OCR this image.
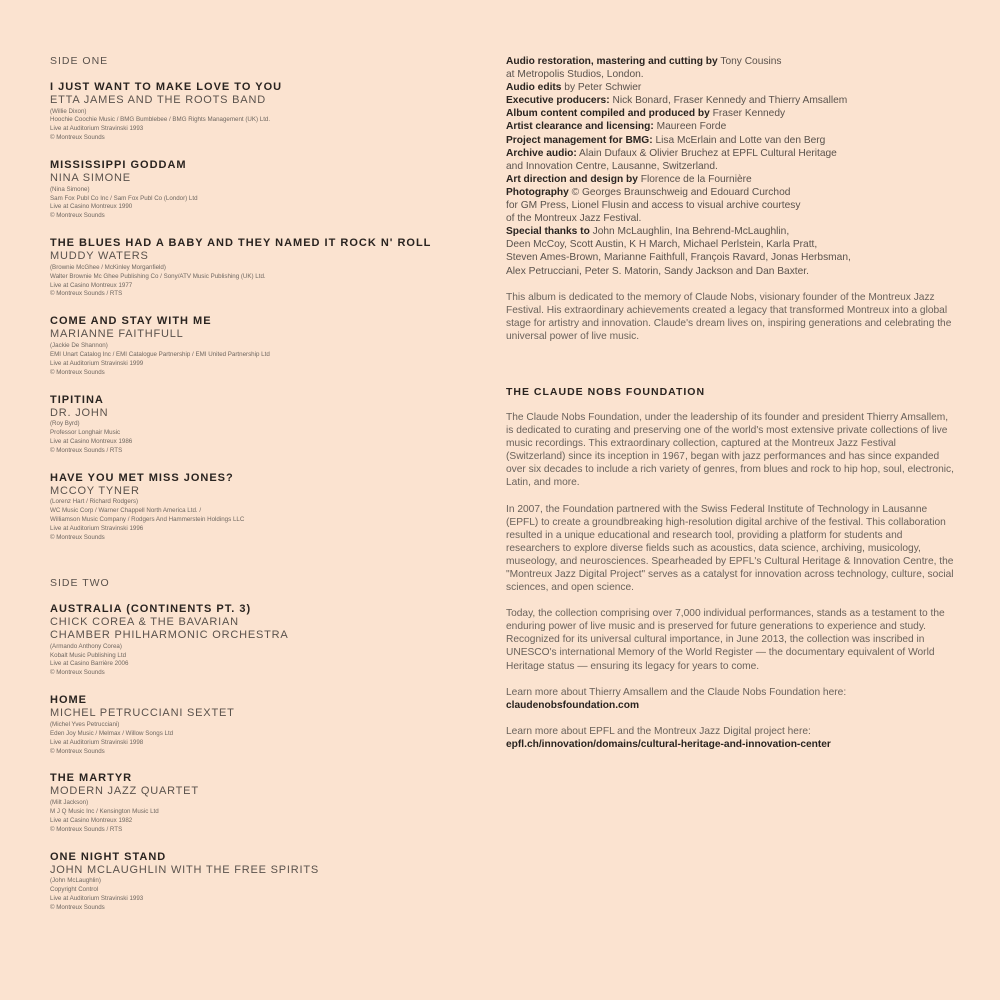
SIDE ONE
I JUST WANT TO MAKE LOVE TO YOU
ETTA JAMES AND THE ROOTS BAND
(Willie Dixon)
Hoochie Coochie Music / BMG Bumblebee / BMG Rights Management (UK) Ltd.
Live at Auditorium Stravinski 1993
© Montreux Sounds
MISSISSIPPI GODDAM
NINA SIMONE
(Nina Simone)
Sam Fox Publ Co Inc / Sam Fox Publ Co (Londor) Ltd
Live at Casino Montreux 1990
© Montreux Sounds
THE BLUES HAD A BABY AND THEY NAMED IT ROCK N' ROLL
MUDDY WATERS
(Brownie McGhee / McKinley Morganfield)
Walter Brownie Mc Ghee Publishing Co / Sony/ATV Music Publishing (UK) Ltd.
Live at Casino Montreux 1977
© Montreux Sounds / RTS
COME AND STAY WITH ME
MARIANNE FAITHFULL
(Jackie De Shannon)
EMI Unart Catalog Inc / EMI Catalogue Partnership / EMI United Partnership Ltd
Live at Auditorium Stravinski 1999
© Montreux Sounds
TIPITINA
DR. JOHN
(Roy Byrd)
Professor Longhair Music
Live at Casino Montreux 1986
© Montreux Sounds / RTS
HAVE YOU MET MISS JONES?
MCCOY TYNER
(Lorenz Hart / Richard Rodgers)
WC Music Corp / Warner Chappell North America Ltd. /
Williamson Music Company / Rodgers And Hammerstein Holdings LLC
Live at Auditorium Stravinski 1996
© Montreux Sounds
SIDE TWO
AUSTRALIA (CONTINENTS PT. 3)
CHICK COREA & THE BAVARIAN CHAMBER PHILHARMONIC ORCHESTRA
(Armando Anthony Corea)
Kobalt Music Publishing Ltd
Live at Casino Barrière 2006
© Montreux Sounds
HOME
MICHEL PETRUCCIANI SEXTET
(Michel Yves Petrucciani)
Eden Joy Music / Melmax / Willow Songs Ltd
Live at Auditorium Stravinski 1998
© Montreux Sounds
THE MARTYR
MODERN JAZZ QUARTET
(Milt Jackson)
M J Q Music Inc / Kensington Music Ltd
Live at Casino Montreux 1982
© Montreux Sounds / RTS
ONE NIGHT STAND
JOHN MCLAUGHLIN WITH THE FREE SPIRITS
(John McLaughlin)
Copyright Control
Live at Auditorium Stravinski 1993
© Montreux Sounds
Audio restoration, mastering and cutting by Tony Cousins
at Metropolis Studios, London.
Audio edits by Peter Schwier
Executive producers: Nick Bonard, Fraser Kennedy and Thierry Amsallem
Album content compiled and produced by Fraser Kennedy
Artist clearance and licensing: Maureen Forde
Project management for BMG: Lisa McErlain and Lotte van den Berg
Archive audio: Alain Dufaux & Olivier Bruchez at EPFL Cultural Heritage
and Innovation Centre, Lausanne, Switzerland.
Art direction and design by Florence de la Fournière
Photography © Georges Braunschweig and Edouard Curchod
for GM Press, Lionel Flusin and access to visual archive courtesy
of the Montreux Jazz Festival.
Special thanks to John McLaughlin, Ina Behrend-McLaughlin,
Deen McCoy, Scott Austin, K H March, Michael Perlstein, Karla Pratt,
Steven Ames-Brown, Marianne Faithfull, François Ravard, Jonas Herbsman,
Alex Petrucciani, Peter S. Matorin, Sandy Jackson and Dan Baxter.

This album is dedicated to the memory of Claude Nobs, visionary founder of the Montreux Jazz Festival. His extraordinary achievements created a legacy that transformed Montreux into a global stage for artistry and innovation. Claude's dream lives on, inspiring generations and celebrating the universal power of live music.

THE CLAUDE NOBS FOUNDATION

The Claude Nobs Foundation, under the leadership of its founder and president Thierry Amsallem, is dedicated to curating and preserving one of the world's most extensive private collections of live music recordings. This extraordinary collection, captured at the Montreux Jazz Festival (Switzerland) since its inception in 1967, began with jazz performances and has since expanded over six decades to include a rich variety of genres, from blues and rock to hip hop, soul, electronic, Latin, and more.

In 2007, the Foundation partnered with the Swiss Federal Institute of Technology in Lausanne (EPFL) to create a groundbreaking high-resolution digital archive of the festival. This collaboration resulted in a unique educational and research tool, providing a platform for students and researchers to explore diverse fields such as acoustics, data science, archiving, musicology, museology, and neurosciences. Spearheaded by EPFL's Cultural Heritage & Innovation Centre, the "Montreux Jazz Digital Project" serves as a catalyst for innovation across technology, culture, social sciences, and open science.

Today, the collection comprising over 7,000 individual performances, stands as a testament to the enduring power of live music and is preserved for future generations to experience and study. Recognized for its universal cultural importance, in June 2013, the collection was inscribed in UNESCO's international Memory of the World Register — the documentary equivalent of World Heritage status — ensuring its legacy for years to come.

Learn more about Thierry Amsallem and the Claude Nobs Foundation here: claudenobsfoundation.com

Learn more about EPFL and the Montreux Jazz Digital project here:
epfl.ch/innovation/domains/cultural-heritage-and-innovation-center
